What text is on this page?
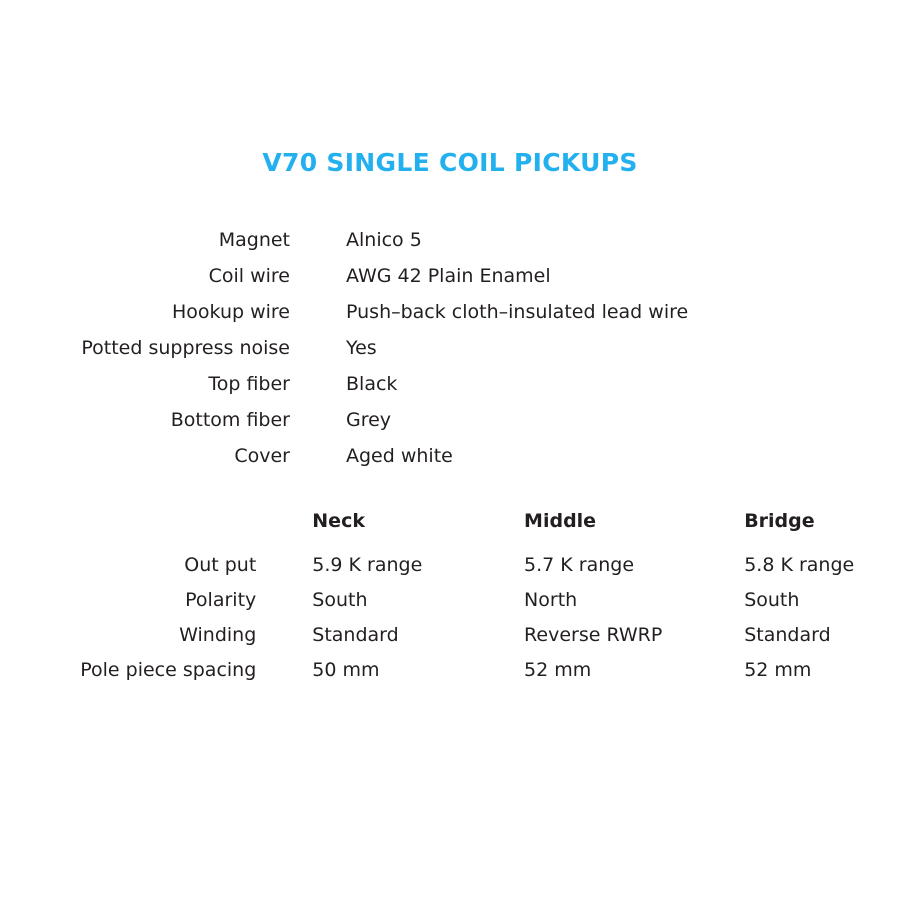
V70 SINGLE COIL PICKUPS
Magnet	Alnico 5
Coil wire	AWG 42 Plain Enamel
Hookup wire	Push–back cloth–insulated lead wire
Potted suppress noise	Yes
Top fiber	Black
Bottom fiber	Grey
Cover	Aged white
	Neck	Middle	Bridge
Out put	5.9 K range	5.7 K range	5.8 K range
Polarity	South	North	South
Winding	Standard	Reverse RWRP	Standard
Pole piece spacing	50 mm	52 mm	52 mm
